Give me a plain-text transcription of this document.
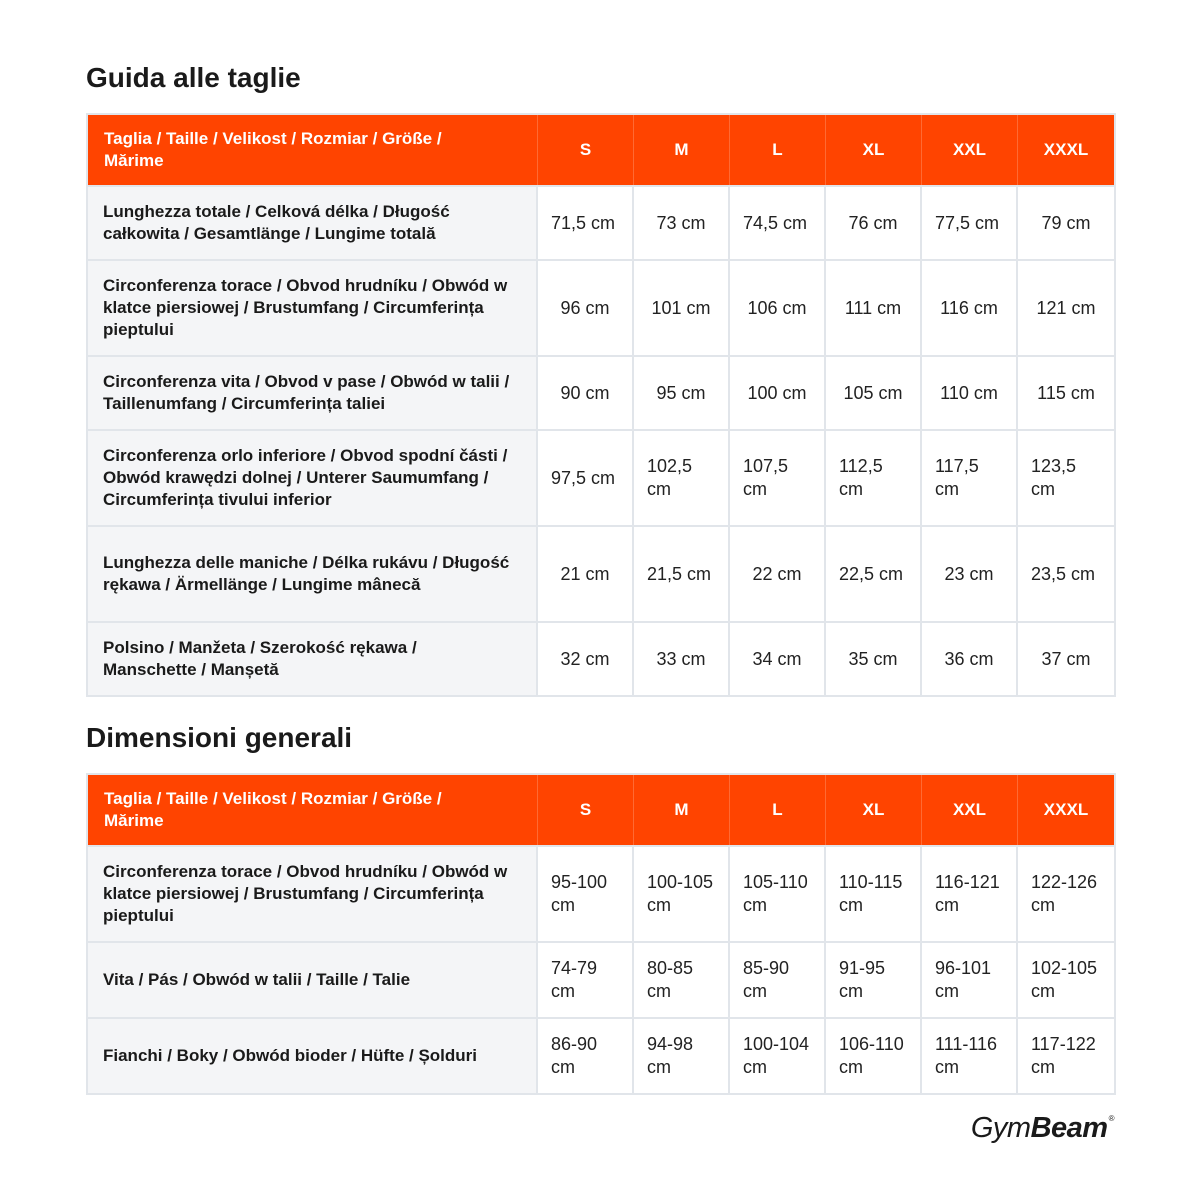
Guida alle taglie
Taglia / Taille / Velikost / Rozmiar / Größe / Mărime	S	M	L	XL	XXL	XXXL
Lunghezza totale / Celková délka / Długość całkowita / Gesamtlänge / Lungime totală	71,5 cm	73 cm	74,5 cm	76 cm	77,5 cm	79 cm
Circonferenza torace / Obvod hrudníku / Obwód w klatce piersiowej / Brustumfang / Circumferința pieptului	96 cm	101 cm	106 cm	111 cm	116 cm	121 cm
Circonferenza vita / Obvod v pase / Obwód w talii / Taillenumfang / Circumferința taliei	90 cm	95 cm	100 cm	105 cm	110 cm	115 cm
Circonferenza orlo inferiore / Obvod spodní části / Obwód krawędzi dolnej / Unterer Saumumfang / Circumferința tivului inferior	97,5 cm	102,5 cm	107,5 cm	112,5 cm	117,5 cm	123,5 cm
Lunghezza delle maniche / Délka rukávu / Długość rękawa / Ärmellänge / Lungime mânecă	21 cm	21,5 cm	22 cm	22,5 cm	23 cm	23,5 cm
Polsino / Manžeta / Szerokość rękawa / Manschette / Manșetă	32 cm	33 cm	34 cm	35 cm	36 cm	37 cm
Dimensioni generali
Taglia / Taille / Velikost / Rozmiar / Größe / Mărime	S	M	L	XL	XXL	XXXL
Circonferenza torace / Obvod hrudníku / Obwód w klatce piersiowej / Brustumfang / Circumferința pieptului	95-100 cm	100-105 cm	105-110 cm	110-115 cm	116-121 cm	122-126 cm
Vita / Pás / Obwód w talii / Taille / Talie	74-79 cm	80-85 cm	85-90 cm	91-95 cm	96-101 cm	102-105 cm
Fianchi / Boky / Obwód bioder / Hüfte / Șolduri	86-90 cm	94-98 cm	100-104 cm	106-110 cm	111-116 cm	117-122 cm
GymBeam®
